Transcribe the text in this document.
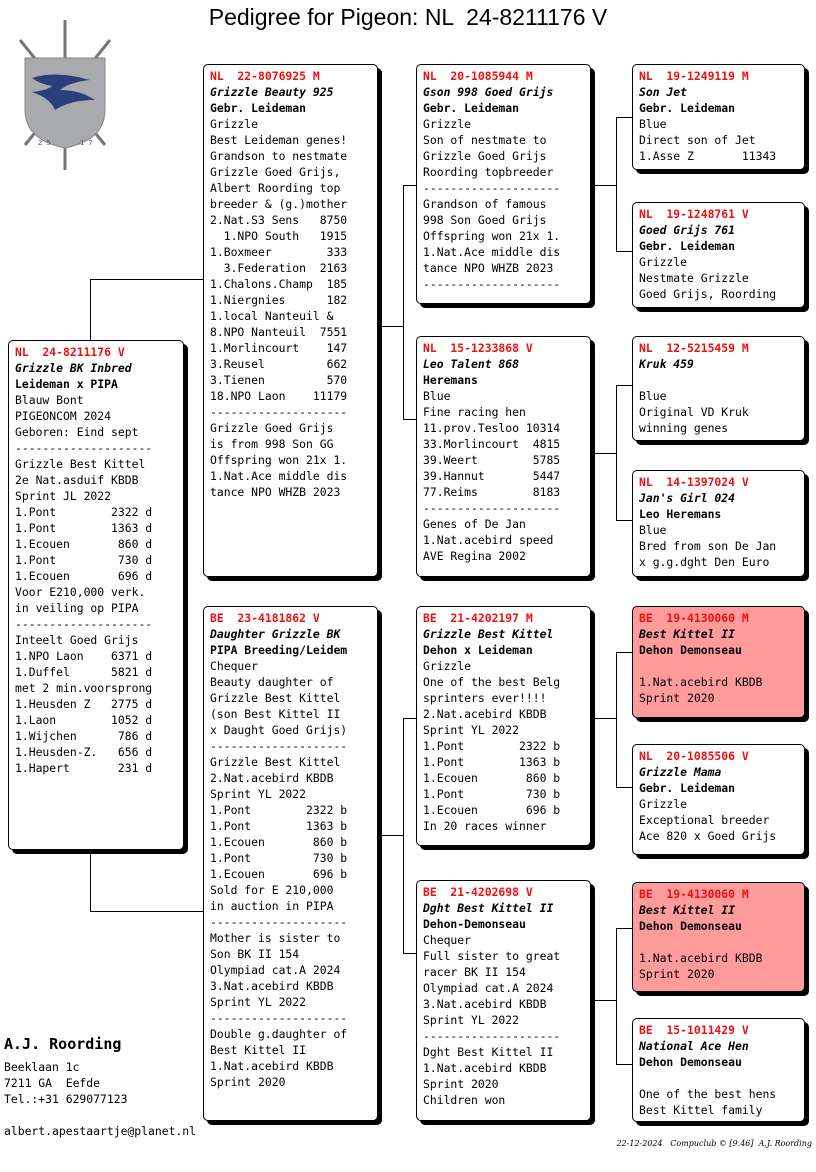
Pedigree for Pigeon: NL  24-8211176 V
2 5	1 7
NL  24-8211176 V
Grizzle BK Inbred
Leideman x PIPA
Blauw Bont
PIGEONCOM 2024
Geboren: Eind sept
--------------------
Grizzle Best Kittel
2e Nat.asduif KBDB
Sprint JL 2022
1.Pont        2322 d
1.Pont        1363 d
1.Ecouen       860 d
1.Pont         730 d
1.Ecouen       696 d
Voor E210,000 verk.
in veiling op PIPA
--------------------
Inteelt Goed Grijs
1.NPO Laon    6371 d
1.Duffel      5821 d
met 2 min.voorsprong
1.Heusden Z   2775 d
1.Laon        1052 d
1.Wijchen      786 d
1.Heusden-Z.   656 d
1.Hapert       231 d
NL  22-8076925 M
Grizzle Beauty 925
Gebr. Leideman
Grizzle
Best Leideman genes!
Grandson to nestmate
Grizzle Goed Grijs,
Albert Roording top
breeder & (g.)mother
2.Nat.S3 Sens   8750
1.NPO South   1915
1.Boxmeer        333
3.Federation  2163
1.Chalons.Champ  185
1.Niergnies      182
1.local Nanteuil &
8.NPO Nanteuil  7551
1.Morlincourt    147
3.Reusel         662
3.Tienen         570
18.NPO Laon    11179
--------------------
Grizzle Goed Grijs
is from 998 Son GG
Offspring won 21x 1.
1.Nat.Ace middle dis
tance NPO WHZB 2023
BE  23-4181862 V
Daughter Grizzle BK
PIPA Breeding/Leidem
Chequer
Beauty daughter of
Grizzle Best Kittel
(son Best Kittel II
x Daught Goed Grijs)
--------------------
Grizzle Best Kittel
2.Nat.acebird KBDB
Sprint YL 2022
1.Pont        2322 b
1.Pont        1363 b
1.Ecouen       860 b
1.Pont         730 b
1.Ecouen       696 b
Sold for E 210,000
in auction in PIPA
--------------------
Mother is sister to
Son BK II 154
Olympiad cat.A 2024
3.Nat.acebird KBDB
Sprint YL 2022
--------------------
Double g.daughter of
Best Kittel II
1.Nat.acebird KBDB
Sprint 2020
NL  20-1085944 M
Gson 998 Goed Grijs
Gebr. Leideman
Grizzle
Son of nestmate to
Grizzle Goed Grijs
Roording topbreeder
--------------------
Grandson of famous
998 Son Goed Grijs
Offspring won 21x 1.
1.Nat.Ace middle dis
tance NPO WHZB 2023
--------------------
NL  15-1233868 V
Leo Talent 868
Heremans
Blue
Fine racing hen
11.prov.Tesloo 10314
33.Morlincourt  4815
39.Weert        5785
39.Hannut       5447
77.Reims        8183
--------------------
Genes of De Jan
1.Nat.acebird speed
AVE Regina 2002
BE  21-4202197 M
Grizzle Best Kittel
Dehon x Leideman
Grizzle
One of the best Belg
sprinters ever!!!!
2.Nat.acebird KBDB
Sprint YL 2022
1.Pont        2322 b
1.Pont        1363 b
1.Ecouen       860 b
1.Pont         730 b
1.Ecouen       696 b
In 20 races winner
BE  21-4202698 V
Dght Best Kittel II
Dehon-Demonseau
Chequer
Full sister to great
racer BK II 154
Olympiad cat.A 2024
3.Nat.acebird KBDB
Sprint YL 2022
--------------------
Dght Best Kittel II
1.Nat.acebird KBDB
Sprint 2020
Children won
NL  19-1249119 M
Son Jet
Gebr. Leideman
Blue
Direct son of Jet
1.Asse Z       11343
NL  19-1248761 V
Goed Grijs 761
Gebr. Leideman
Grizzle
Nestmate Grizzle
Goed Grijs, Roording
NL  12-5215459 M
Kruk 459
Blue
Original VD Kruk
winning genes
NL  14-1397024 V
Jan's Girl 024
Leo Heremans
Blue
Bred from son De Jan
x g.g.dght Den Euro
BE  19-4130060 M
Best Kittel II
Dehon Demonseau
1.Nat.acebird KBDB
Sprint 2020
NL  20-1085506 V
Grizzle Mama
Gebr. Leideman
Grizzle
Exceptional breeder
Ace 820 x Goed Grijs
BE  19-4130060 M
Best Kittel II
Dehon Demonseau
1.Nat.acebird KBDB
Sprint 2020
BE  15-1011429 V
National Ace Hen
Dehon Demonseau
One of the best hens
Best Kittel family
A.J. Roording
Beeklaan 1c
7211 GA  Eefde
Tel.:+31 629077123
albert.apestaartje@planet.nl
22-12-2024   Compuclub © [9.46]  A.J. Roording
